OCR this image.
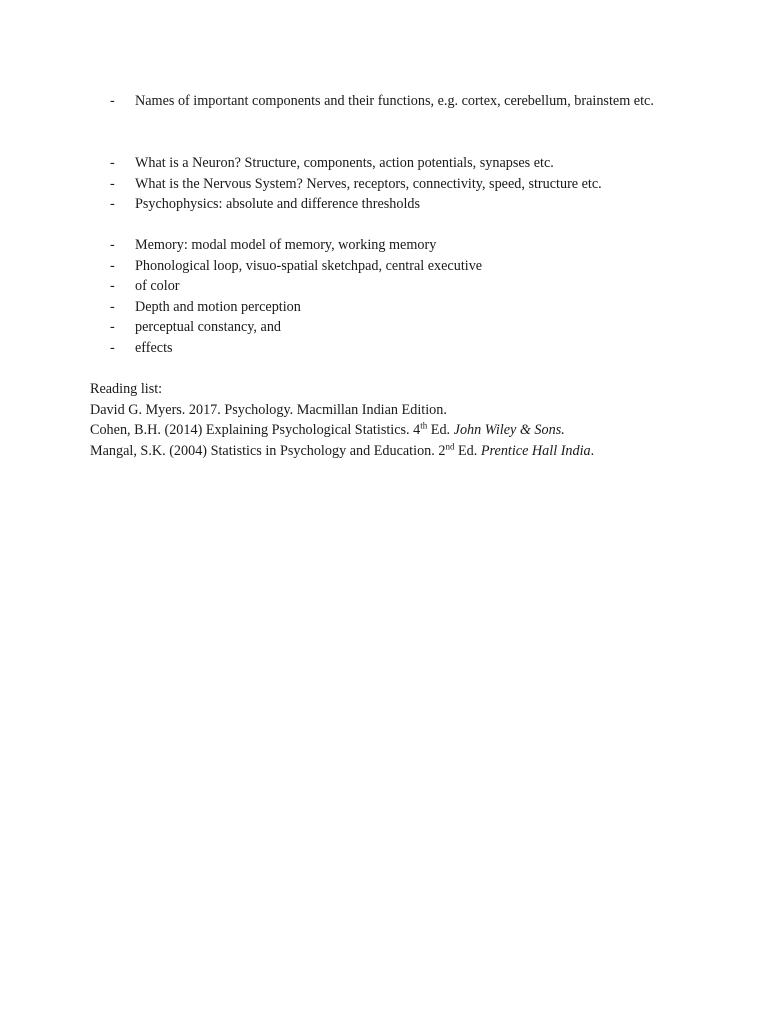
- Names of important components and their functions, e.g. cortex, cerebellum, brainstem etc.
- What is a Neuron? Structure, components, action potentials, synapses etc.
- What is the Nervous System? Nerves, receptors, connectivity, speed, structure etc.
- Psychophysics: absolute and difference thresholds
- Memory: modal model of memory, working memory
- Phonological loop, visuo-spatial sketchpad, central executive
- of color
- Depth and motion perception
- perceptual constancy, and
- effects
Reading list:
David G. Myers. 2017. Psychology. Macmillan Indian Edition.
Cohen, B.H. (2014) Explaining Psychological Statistics. 4th Ed. John Wiley & Sons.
Mangal, S.K. (2004) Statistics in Psychology and Education. 2nd Ed. Prentice Hall India.
